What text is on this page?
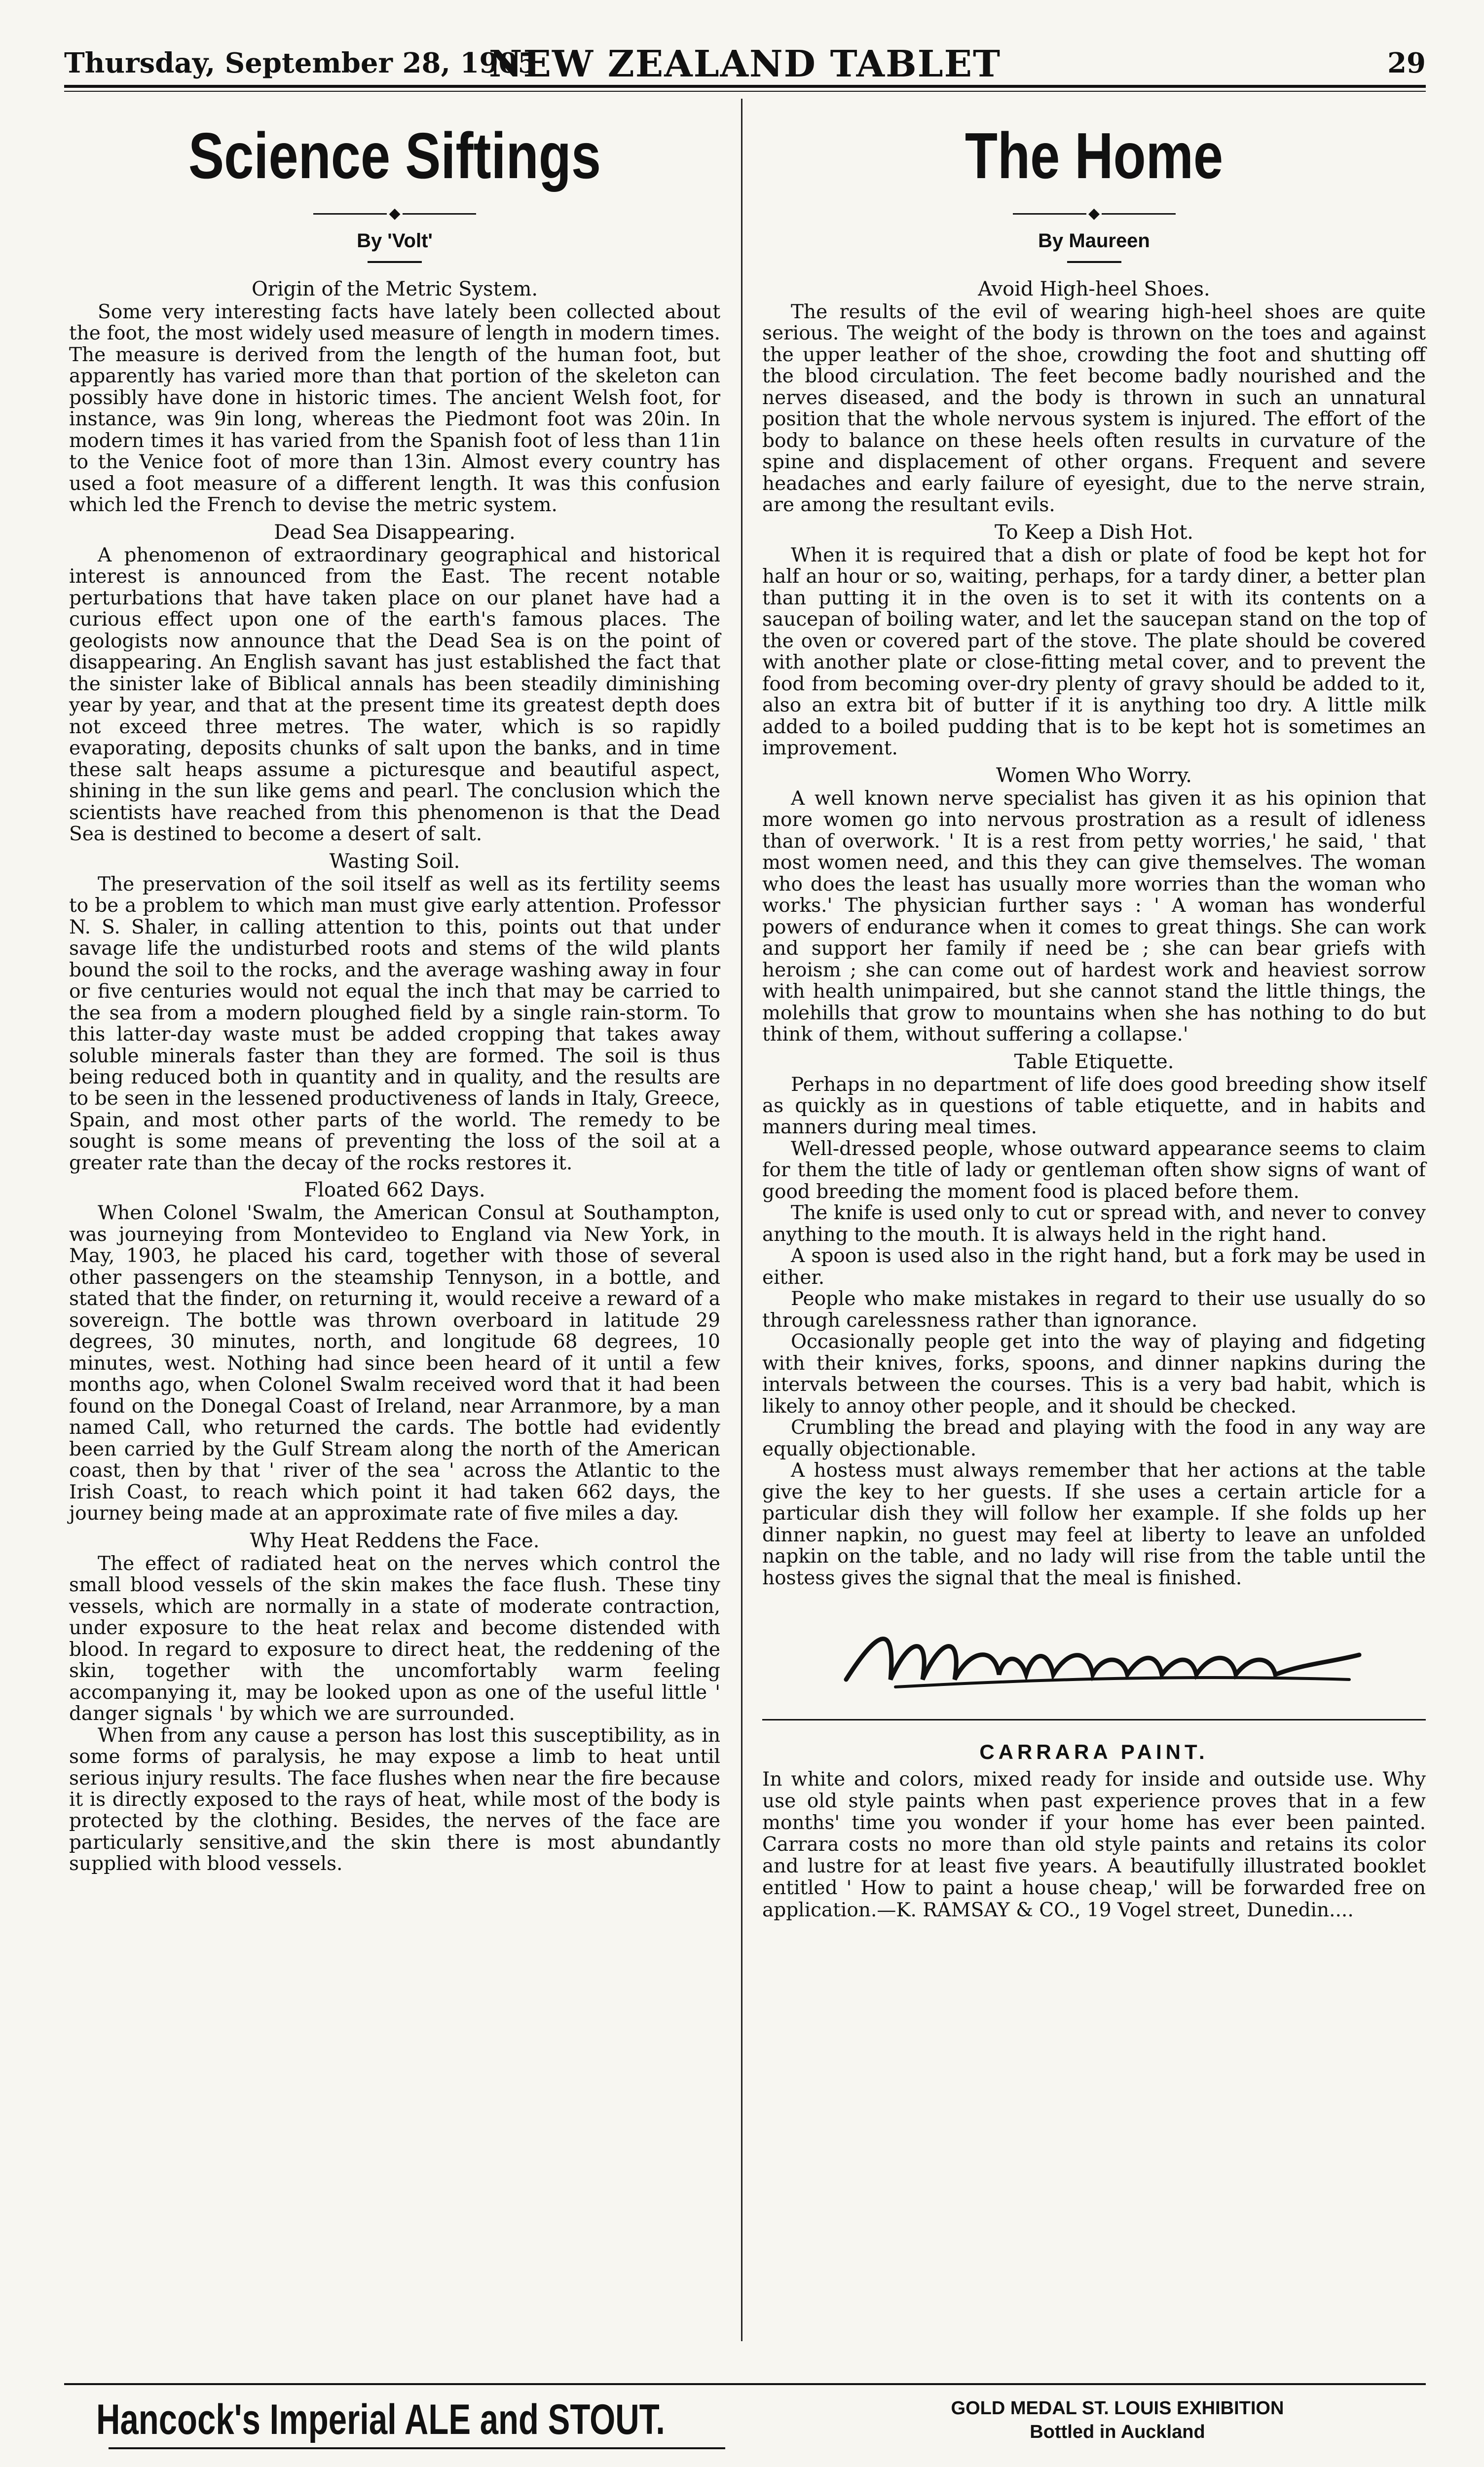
Thursday, September 28, 1905
NEW ZEALAND TABLET	29
Science Siftings
◆
By 'Volt'
Origin of the Metric System.

Some very interesting facts have lately been collected about the foot, the most widely used measure of length in modern times. The measure is derived from the length of the human foot, but apparently has varied more than that portion of the skeleton can possibly have done in historic times. The ancient Welsh foot, for instance, was 9in long, whereas the Piedmont foot was 20in. In modern times it has varied from the Spanish foot of less than 11in to the Venice foot of more than 13in. Almost every country has used a foot measure of a different length. It was this confusion which led the French to devise the metric system.

Dead Sea Disappearing.

A phenomenon of extraordinary geographical and historical interest is announced from the East. The recent notable perturbations that have taken place on our planet have had a curious effect upon one of the earth's famous places. The geologists now announce that the Dead Sea is on the point of disappearing. An English savant has just established the fact that the sinister lake of Biblical annals has been steadily diminishing year by year, and that at the present time its greatest depth does not exceed three metres. The water, which is so rapidly evaporating, deposits chunks of salt upon the banks, and in time these salt heaps assume a picturesque and beautiful aspect, shining in the sun like gems and pearl. The conclusion which the scientists have reached from this phenomenon is that the Dead Sea is destined to become a desert of salt.

Wasting Soil.

The preservation of the soil itself as well as its fertility seems to be a problem to which man must give early attention. Professor N. S. Shaler, in calling attention to this, points out that under savage life the undisturbed roots and stems of the wild plants bound the soil to the rocks, and the average washing away in four or five centuries would not equal the inch that may be carried to the sea from a modern ploughed field by a single rain-storm. To this latter-day waste must be added cropping that takes away soluble minerals faster than they are formed. The soil is thus being reduced both in quantity and in quality, and the results are to be seen in the lessened productiveness of lands in Italy, Greece, Spain, and most other parts of the world. The remedy to be sought is some means of preventing the loss of the soil at a greater rate than the decay of the rocks restores it.

Floated 662 Days.

When Colonel 'Swalm, the American Consul at Southampton, was journeying from Montevideo to England via New York, in May, 1903, he placed his card, together with those of several other passengers on the steamship Tennyson, in a bottle, and stated that the finder, on returning it, would receive a reward of a sovereign. The bottle was thrown overboard in latitude 29 degrees, 30 minutes, north, and longitude 68 degrees, 10 minutes, west. Nothing had since been heard of it until a few months ago, when Colonel Swalm received word that it had been found on the Donegal Coast of Ireland, near Arranmore, by a man named Call, who returned the cards. The bottle had evidently been carried by the Gulf Stream along the north of the American coast, then by that ' river of the sea ' across the Atlantic to the Irish Coast, to reach which point it had taken 662 days, the journey being made at an approximate rate of five miles a day.

Why Heat Reddens the Face.

The effect of radiated heat on the nerves which control the small blood vessels of the skin makes the face flush. These tiny vessels, which are normally in a state of moderate contraction, under exposure to the heat relax and become distended with blood. In regard to exposure to direct heat, the reddening of the skin, together with the uncomfortably warm feeling accompanying it, may be looked upon as one of the useful little ' danger signals ' by which we are surrounded.

When from any cause a person has lost this susceptibility, as in some forms of paralysis, he may expose a limb to heat until serious injury results. The face flushes when near the fire because it is directly exposed to the rays of heat, while most of the body is protected by the clothing. Besides, the nerves of the face are particularly sensitive,and the skin there is most abundantly supplied with blood vessels.

The Home
◆
By Maureen
Avoid High-heel Shoes.

The results of the evil of wearing high-heel shoes are quite serious. The weight of the body is thrown on the toes and against the upper leather of the shoe, crowding the foot and shutting off the blood circulation. The feet become badly nourished and the nerves diseased, and the body is thrown in such an unnatural position that the whole nervous system is injured. The effort of the body to balance on these heels often results in curvature of the spine and displacement of other organs. Frequent and severe headaches and early failure of eyesight, due to the nerve strain, are among the resultant evils.

To Keep a Dish Hot.

When it is required that a dish or plate of food be kept hot for half an hour or so, waiting, perhaps, for a tardy diner, a better plan than putting it in the oven is to set it with its contents on a saucepan of boiling water, and let the saucepan stand on the top of the oven or covered part of the stove. The plate should be covered with another plate or close-fitting metal cover, and to prevent the food from becoming over-dry plenty of gravy should be added to it, also an extra bit of butter if it is anything too dry. A little milk added to a boiled pudding that is to be kept hot is sometimes an improvement.

Women Who Worry.

A well known nerve specialist has given it as his opinion that more women go into nervous prostration as a result of idleness than of overwork. ' It is a rest from petty worries,' he said, ' that most women need, and this they can give themselves. The woman who does the least has usually more worries than the woman who works.' The physician further says : ' A woman has wonderful powers of endurance when it comes to great things. She can work and support her family if need be ; she can bear griefs with heroism ; she can come out of hardest work and heaviest sorrow with health unimpaired, but she cannot stand the little things, the molehills that grow to mountains when she has nothing to do but think of them, without suffering a collapse.'

Table Etiquette.

Perhaps in no department of life does good breeding show itself as quickly as in questions of table etiquette, and in habits and manners during meal times.

Well-dressed people, whose outward appearance seems to claim for them the title of lady or gentleman often show signs of want of good breeding the moment food is placed before them.

The knife is used only to cut or spread with, and never to convey anything to the mouth. It is always held in the right hand.

A spoon is used also in the right hand, but a fork may be used in either.

People who make mistakes in regard to their use usually do so through carelessness rather than ignorance.

Occasionally people get into the way of playing and fidgeting with their knives, forks, spoons, and dinner napkins during the intervals between the courses. This is a very bad habit, which is likely to annoy other people, and it should be checked.

Crumbling the bread and playing with the food in any way are equally objectionable.

A hostess must always remember that her actions at the table give the key to her guests. If she uses a certain article for a particular dish they will follow her example. If she folds up her dinner napkin, no guest may feel at liberty to leave an unfolded napkin on the table, and no lady will rise from the table until the hostess gives the signal that the meal is finished.

CARRARA PAINT.

In white and colors, mixed ready for inside and outside use. Why use old style paints when past experience proves that in a few months' time you wonder if your home has ever been painted. Carrara costs no more than old style paints and retains its color and lustre for at least five years. A beautifully illustrated booklet entitled ' How to paint a house cheap,' will be forwarded free on application.—K. RAMSAY & CO., 19 Vogel street, Dunedin....

Hancock's Imperial ALE and STOUT.	GOLD MEDAL ST. LOUIS EXHIBITION
Bottled in Auckland
